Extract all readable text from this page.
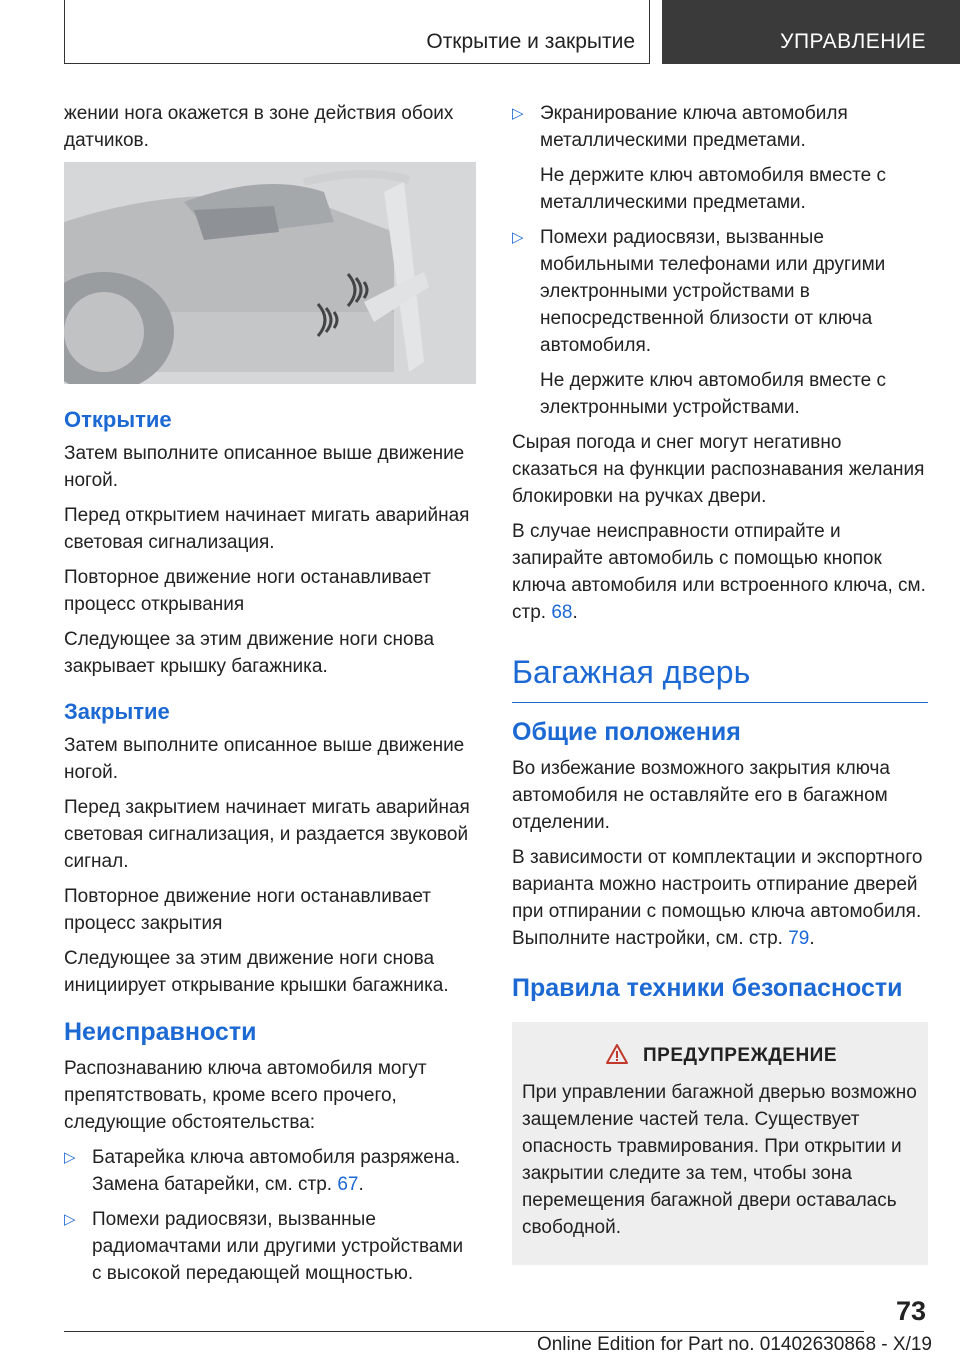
Открытие и закрытие	УПРАВЛЕНИЕ

жении нога окажется в зоне действия обоих датчиков.

Открытие

Затем выполните описанное выше движение ногой.

Перед открытием начинает мигать аварийная световая сигнализация.

Повторное движение ноги останавливает процесс открывания

Следующее за этим движение ноги снова закрывает крышку багажника.

Закрытие

Затем выполните описанное выше движение ногой.

Перед закрытием начинает мигать аварийная световая сигнализация, и раздается звуковой сигнал.

Повторное движение ноги останавливает процесс закрытия

Следующее за этим движение ноги снова инициирует открывание крышки багажника.

Неисправности

Распознаванию ключа автомобиля могут препятствовать, кроме всего прочего, следующие обстоятельства:

▷ Батарейка ключа автомобиля разряжена. Замена батарейки, см. стр. 67.
▷ Помехи радиосвязи, вызванные радиомачтами или другими устройствами с высокой передающей мощностью.
▷ Экранирование ключа автомобиля металлическими предметами.

Не держите ключ автомобиля вместе с металлическими предметами.

▷ Помехи радиосвязи, вызванные мобильными телефонами или другими электронными устройствами в непосредственной близости от ключа автомобиля.

Не держите ключ автомобиля вместе с электронными устройствами.

Сырая погода и снег могут негативно сказаться на функции распознавания желания блокировки на ручках двери.

В случае неисправности отпирайте и запирайте автомобиль с помощью кнопок ключа автомобиля или встроенного ключа, см. стр. 68.

Багажная дверь
Общие положения

Во избежание возможного закрытия ключа автомобиля не оставляйте его в багажном отделении.

В зависимости от комплектации и экспортного варианта можно настроить отпирание дверей при отпирании с помощью ключа автомобиля. Выполните настройки, см. стр. 79.

Правила техники безопасности
ПРЕДУПРЕЖДЕНИЕ

При управлении багажной дверью возможно защемление частей тела. Существует опасность травмирования. При открытии и закрытии следите за тем, чтобы зона перемещения багажной двери оставалась свободной.

73
Online Edition for Part no. 01402630868 - X/19
